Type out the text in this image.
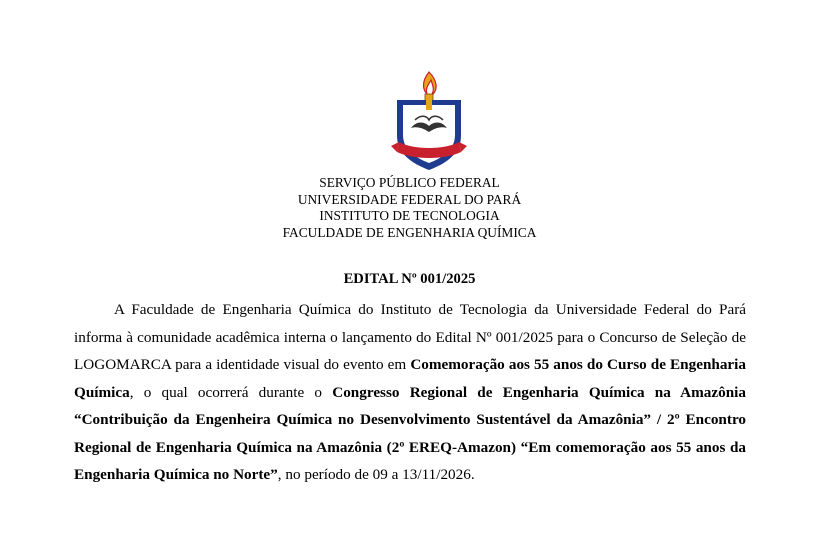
SERVIÇO PÚBLICO FEDERAL
UNIVERSIDADE FEDERAL DO PARÁ
INSTITUTO DE TECNOLOGIA
FACULDADE DE ENGENHARIA QUÍMICA
EDITAL Nº 001/2025

A Faculdade de Engenharia Química do Instituto de Tecnologia da Universidade Federal do Pará informa à comunidade acadêmica interna o lançamento do Edital Nº 001/2025 para o Concurso de Seleção de LOGOMARCA para a identidade visual do evento em Comemoração aos 55 anos do Curso de Engenharia Química, o qual ocorrerá durante o Congresso Regional de Engenharia Química na Amazônia “Contribuição da Engenheira Química no Desenvolvimento Sustentável da Amazônia” / 2º Encontro Regional de Engenharia Química na Amazônia (2º EREQ-Amazon) “Em comemoração aos 55 anos da Engenharia Química no Norte”, no período de 09 a 13/11/2026.
